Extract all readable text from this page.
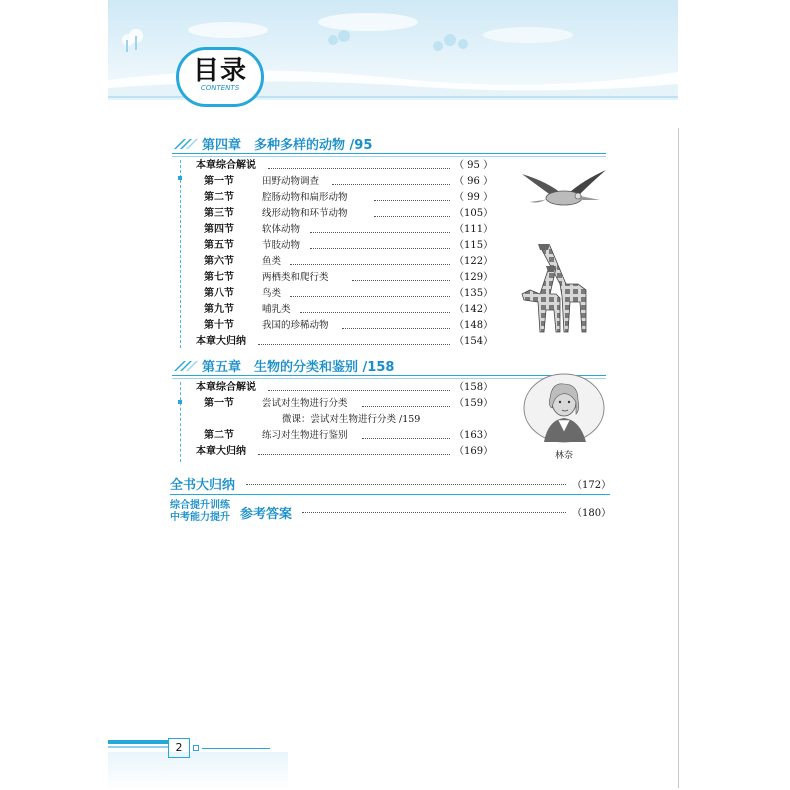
目录
CONTENTS
第四章　多种多样的动物 /95
本章综合解说	（ 95 ）
第一节	田野动物调查	（ 96 ）
第二节	腔肠动物和扁形动物	（ 99 ）
第三节	线形动物和环节动物	（105）
第四节	软体动物	（111）
第五节	节肢动物	（115）
第六节	鱼类	（122）
第七节	两栖类和爬行类	（129）
第八节	鸟类	（135）
第九节	哺乳类	（142）
第十节	我国的珍稀动物	（148）
本章大归纳	（154）
第五章　生物的分类和鉴别 /158
本章综合解说	（158）
第一节	尝试对生物进行分类	（159）
微课：尝试对生物进行分类 /159
第二节	练习对生物进行鉴别	（163）
本章大归纳	（169）	林奈
全书大归纳	（172）
综合提升训练
中考能力提升 参考答案	（180）
2
